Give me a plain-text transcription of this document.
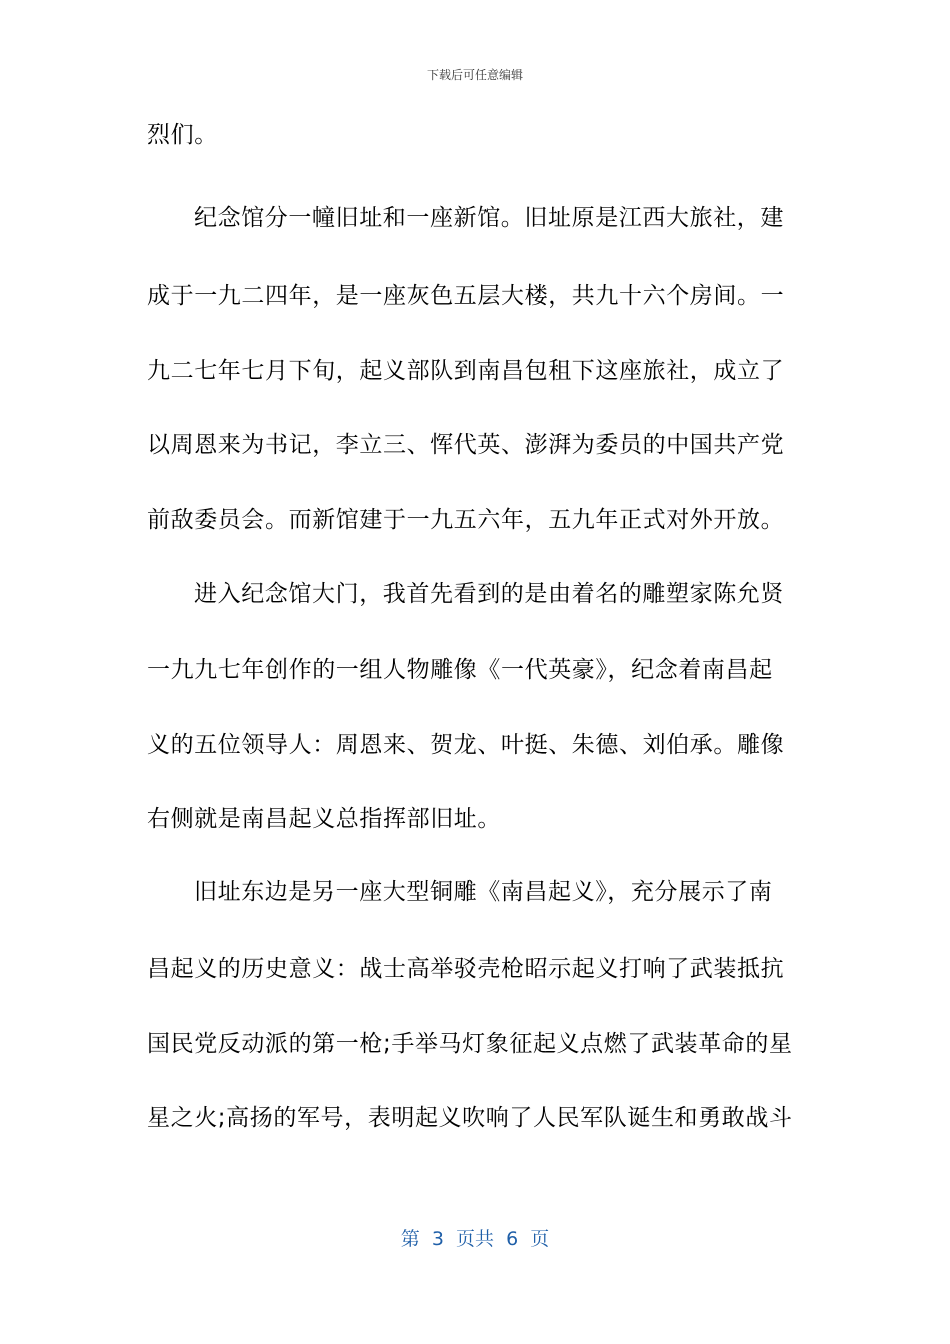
下载后可任意编辑
烈们。
纪念馆分一幢旧址和一座新馆。旧址原是江西大旅社，建
成于一九二四年，是一座灰色五层大楼，共九十六个房间。一
九二七年七月下旬，起义部队到南昌包租下这座旅社，成立了
以周恩来为书记，李立三、恽代英、澎湃为委员的中国共产党
前敌委员会。而新馆建于一九五六年，五九年正式对外开放。
进入纪念馆大门，我首先看到的是由着名的雕塑家陈允贤
一九九七年创作的一组人物雕像《一代英豪》，纪念着南昌起
义的五位领导人：周恩来、贺龙、叶挺、朱德、刘伯承。雕像
右侧就是南昌起义总指挥部旧址。
旧址东边是另一座大型铜雕《南昌起义》，充分展示了南
昌起义的历史意义：战士高举驳壳枪昭示起义打响了武装抵抗
国民党反动派的第一枪;手举马灯象征起义点燃了武装革命的星
星之火;高扬的军号，表明起义吹响了人民军队诞生和勇敢战斗
第  3  页共  6  页
